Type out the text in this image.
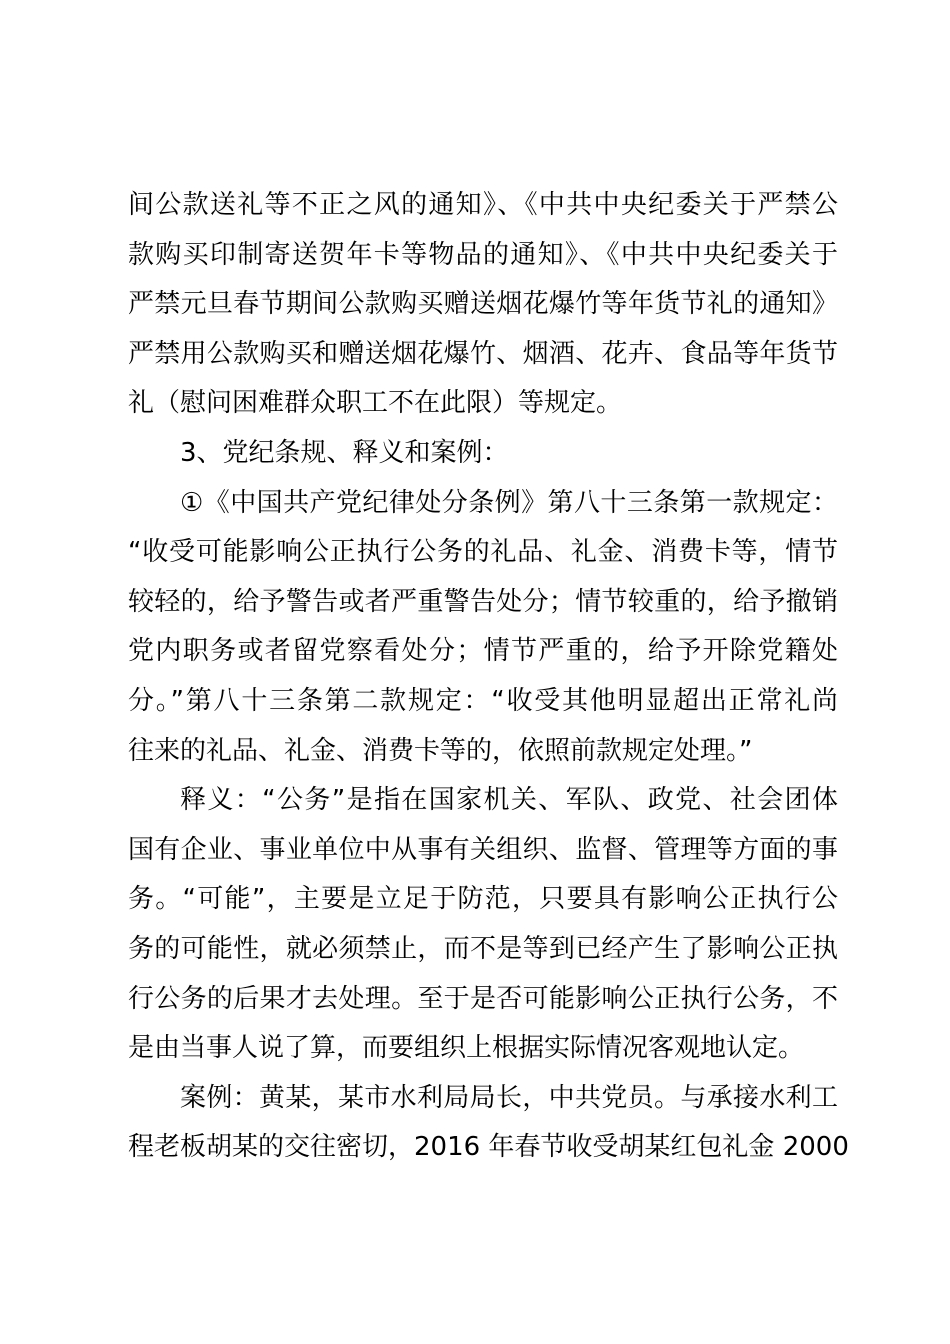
间公款送礼等不正之风的通知》、《中共中央纪委关于严禁公
款购买印制寄送贺年卡等物品的通知》、《中共中央纪委关于
严禁元旦春节期间公款购买赠送烟花爆竹等年货节礼的通知》
严禁用公款购买和赠送烟花爆竹、烟酒、花卉、食品等年货节
礼（慰问困难群众职工不在此限）等规定。
3、党纪条规、释义和案例：
①《中国共产党纪律处分条例》第八十三条第一款规定：
“收受可能影响公正执行公务的礼品、礼金、消费卡等，情节
较轻的，给予警告或者严重警告处分；情节较重的，给予撤销
党内职务或者留党察看处分；情节严重的，给予开除党籍处
分。”第八十三条第二款规定：“收受其他明显超出正常礼尚
往来的礼品、礼金、消费卡等的，依照前款规定处理。”
释义：“公务”是指在国家机关、军队、政党、社会团体
国有企业、事业单位中从事有关组织、监督、管理等方面的事
务。“可能”，主要是立足于防范，只要具有影响公正执行公
务的可能性，就必须禁止，而不是等到已经产生了影响公正执
行公务的后果才去处理。至于是否可能影响公正执行公务，不
是由当事人说了算，而要组织上根据实际情况客观地认定。
案例：黄某，某市水利局局长，中共党员。与承接水利工
程老板胡某的交往密切，2016 年春节收受胡某红包礼金 2000
